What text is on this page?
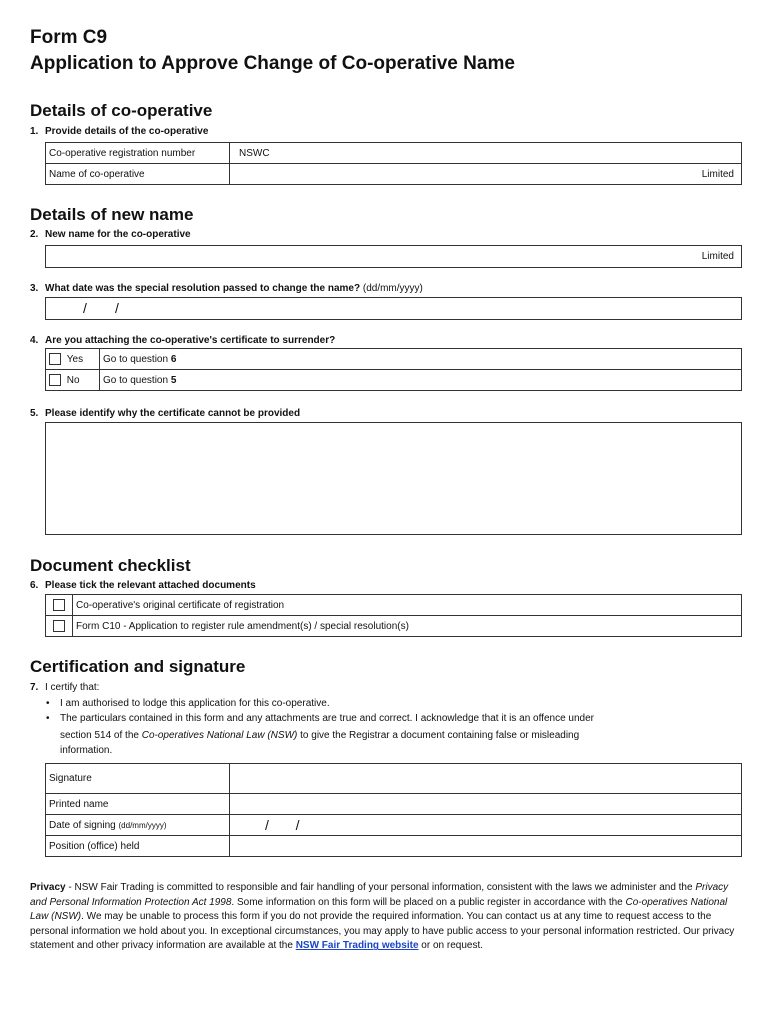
Form C9
Application to Approve Change of Co-operative Name
Details of co-operative
1. Provide details of the co-operative
Co-operative registration number	NSWC
Name of co-operative	Limited
Details of new name
2. New name for the co-operative
Limited
3. What date was the special resolution passed to change the name? (dd/mm/yyyy)
/ /
4. Are you attaching the co-operative's certificate to surrender?
Yes	Go to question 6
No	Go to question 5
5. Please identify why the certificate cannot be provided
Document checklist
6. Please tick the relevant attached documents
	Co-operative's original certificate of registration
	Form C10 - Application to register rule amendment(s) / special resolution(s)
Certification and signature
7. I certify that:
• I am authorised to lodge this application for this co-operative.
• The particulars contained in this form and any attachments are true and correct. I acknowledge that it is an offence under
section 514 of the Co-operatives National Law (NSW) to give the Registrar a document containing false or misleading
information.
Signature	
Printed name	
Date of signing (dd/mm/yyyy)	/ /
Position (office) held	
Privacy - NSW Fair Trading is committed to responsible and fair handling of your personal information, consistent with the laws we administer and the Privacy and Personal Information Protection Act 1998. Some information on this form will be placed on a public register in accordance with the Co-operatives National Law (NSW). We may be unable to process this form if you do not provide the required information. You can contact us at any time to request access to the personal information we hold about you. In exceptional circumstances, you may apply to have public access to your personal information restricted. Our privacy statement and other privacy information are available at the NSW Fair Trading website or on request.
